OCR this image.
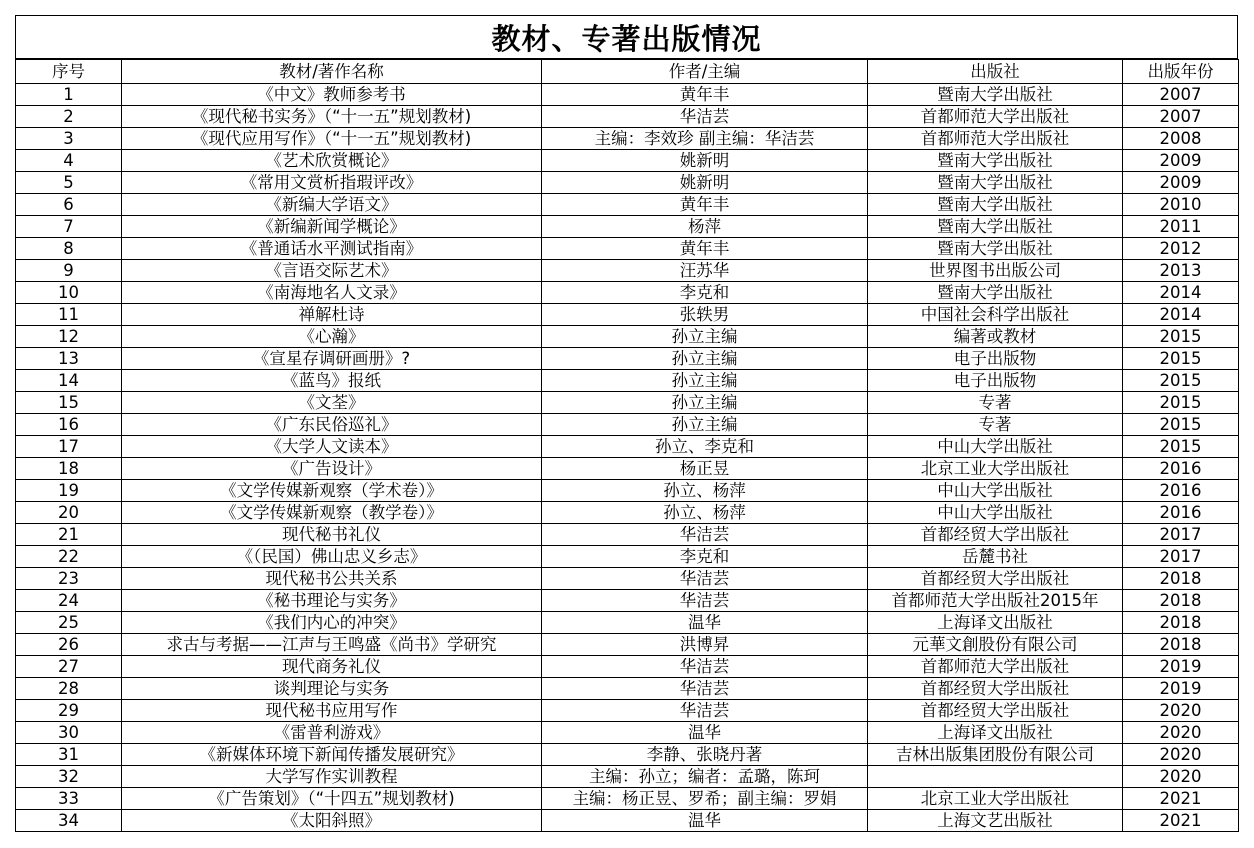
教材、专著出版情况
序号	教材/著作名称	作者/主编	出版社	出版年份
1	《中文》教师参考书	黄年丰	暨南大学出版社	2007
2	《现代秘书实务》（“十一五”规划教材)	华洁芸	首都师范大学出版社	2007
3	《现代应用写作》（“十一五”规划教材)	主编：李效珍 副主编：华洁芸	首都师范大学出版社	2008
4	《艺术欣赏概论》	姚新明	暨南大学出版社	2009
5	《常用文赏析指瑕评改》	姚新明	暨南大学出版社	2009
6	《新编大学语文》	黄年丰	暨南大学出版社	2010
7	《新编新闻学概论》	杨萍	暨南大学出版社	2011
8	《普通话水平测试指南》	黄年丰	暨南大学出版社	2012
9	《言语交际艺术》	汪苏华	世界图书出版公司	2013
10	《南海地名人文录》	李克和	暨南大学出版社	2014
11	禅解杜诗	张轶男	中国社会科学出版社	2014
12	《心瀚》	孙立主编	编著或教材	2015
13	《宣星存调研画册》?	孙立主编	电子出版物	2015
14	《蓝鸟》报纸	孙立主编	电子出版物	2015
15	《文荃》	孙立主编	专著	2015
16	《广东民俗巡礼》	孙立主编	专著	2015
17	《大学人文读本》	孙立、李克和	中山大学出版社	2015
18	《广告设计》	杨正昱	北京工业大学出版社	2016
19	《文学传媒新观察（学术卷）》	孙立、杨萍	中山大学出版社	2016
20	《文学传媒新观察（教学卷）》	孙立、杨萍	中山大学出版社	2016
21	现代秘书礼仪	华洁芸	首都经贸大学出版社	2017
22	《（民国）佛山忠义乡志》	李克和	岳麓书社	2017
23	现代秘书公共关系	华洁芸	首都经贸大学出版社	2018
24	《秘书理论与实务》	华洁芸	首都师范大学出版社2015年	2018
25	《我们内心的冲突》	温华	上海译文出版社	2018
26	求古与考据——江声与王鸣盛《尚书》学研究	洪博昇	元華文創股份有限公司	2018
27	现代商务礼仪	华洁芸	首都师范大学出版社	2019
28	谈判理论与实务	华洁芸	首都经贸大学出版社	2019
29	现代秘书应用写作	华洁芸	首都经贸大学出版社	2020
30	《雷普利游戏》	温华	上海译文出版社	2020
31	《新媒体环境下新闻传播发展研究》	李静、张晓丹著	吉林出版集团股份有限公司	2020
32	大学写作实训教程	主编：孙立；编者：孟璐，陈珂		2020
33	《广告策划》（“十四五”规划教材)	主编：杨正昱、罗希；副主编：罗娟	北京工业大学出版社	2021
34	《太阳斜照》	温华	上海文艺出版社	2021
